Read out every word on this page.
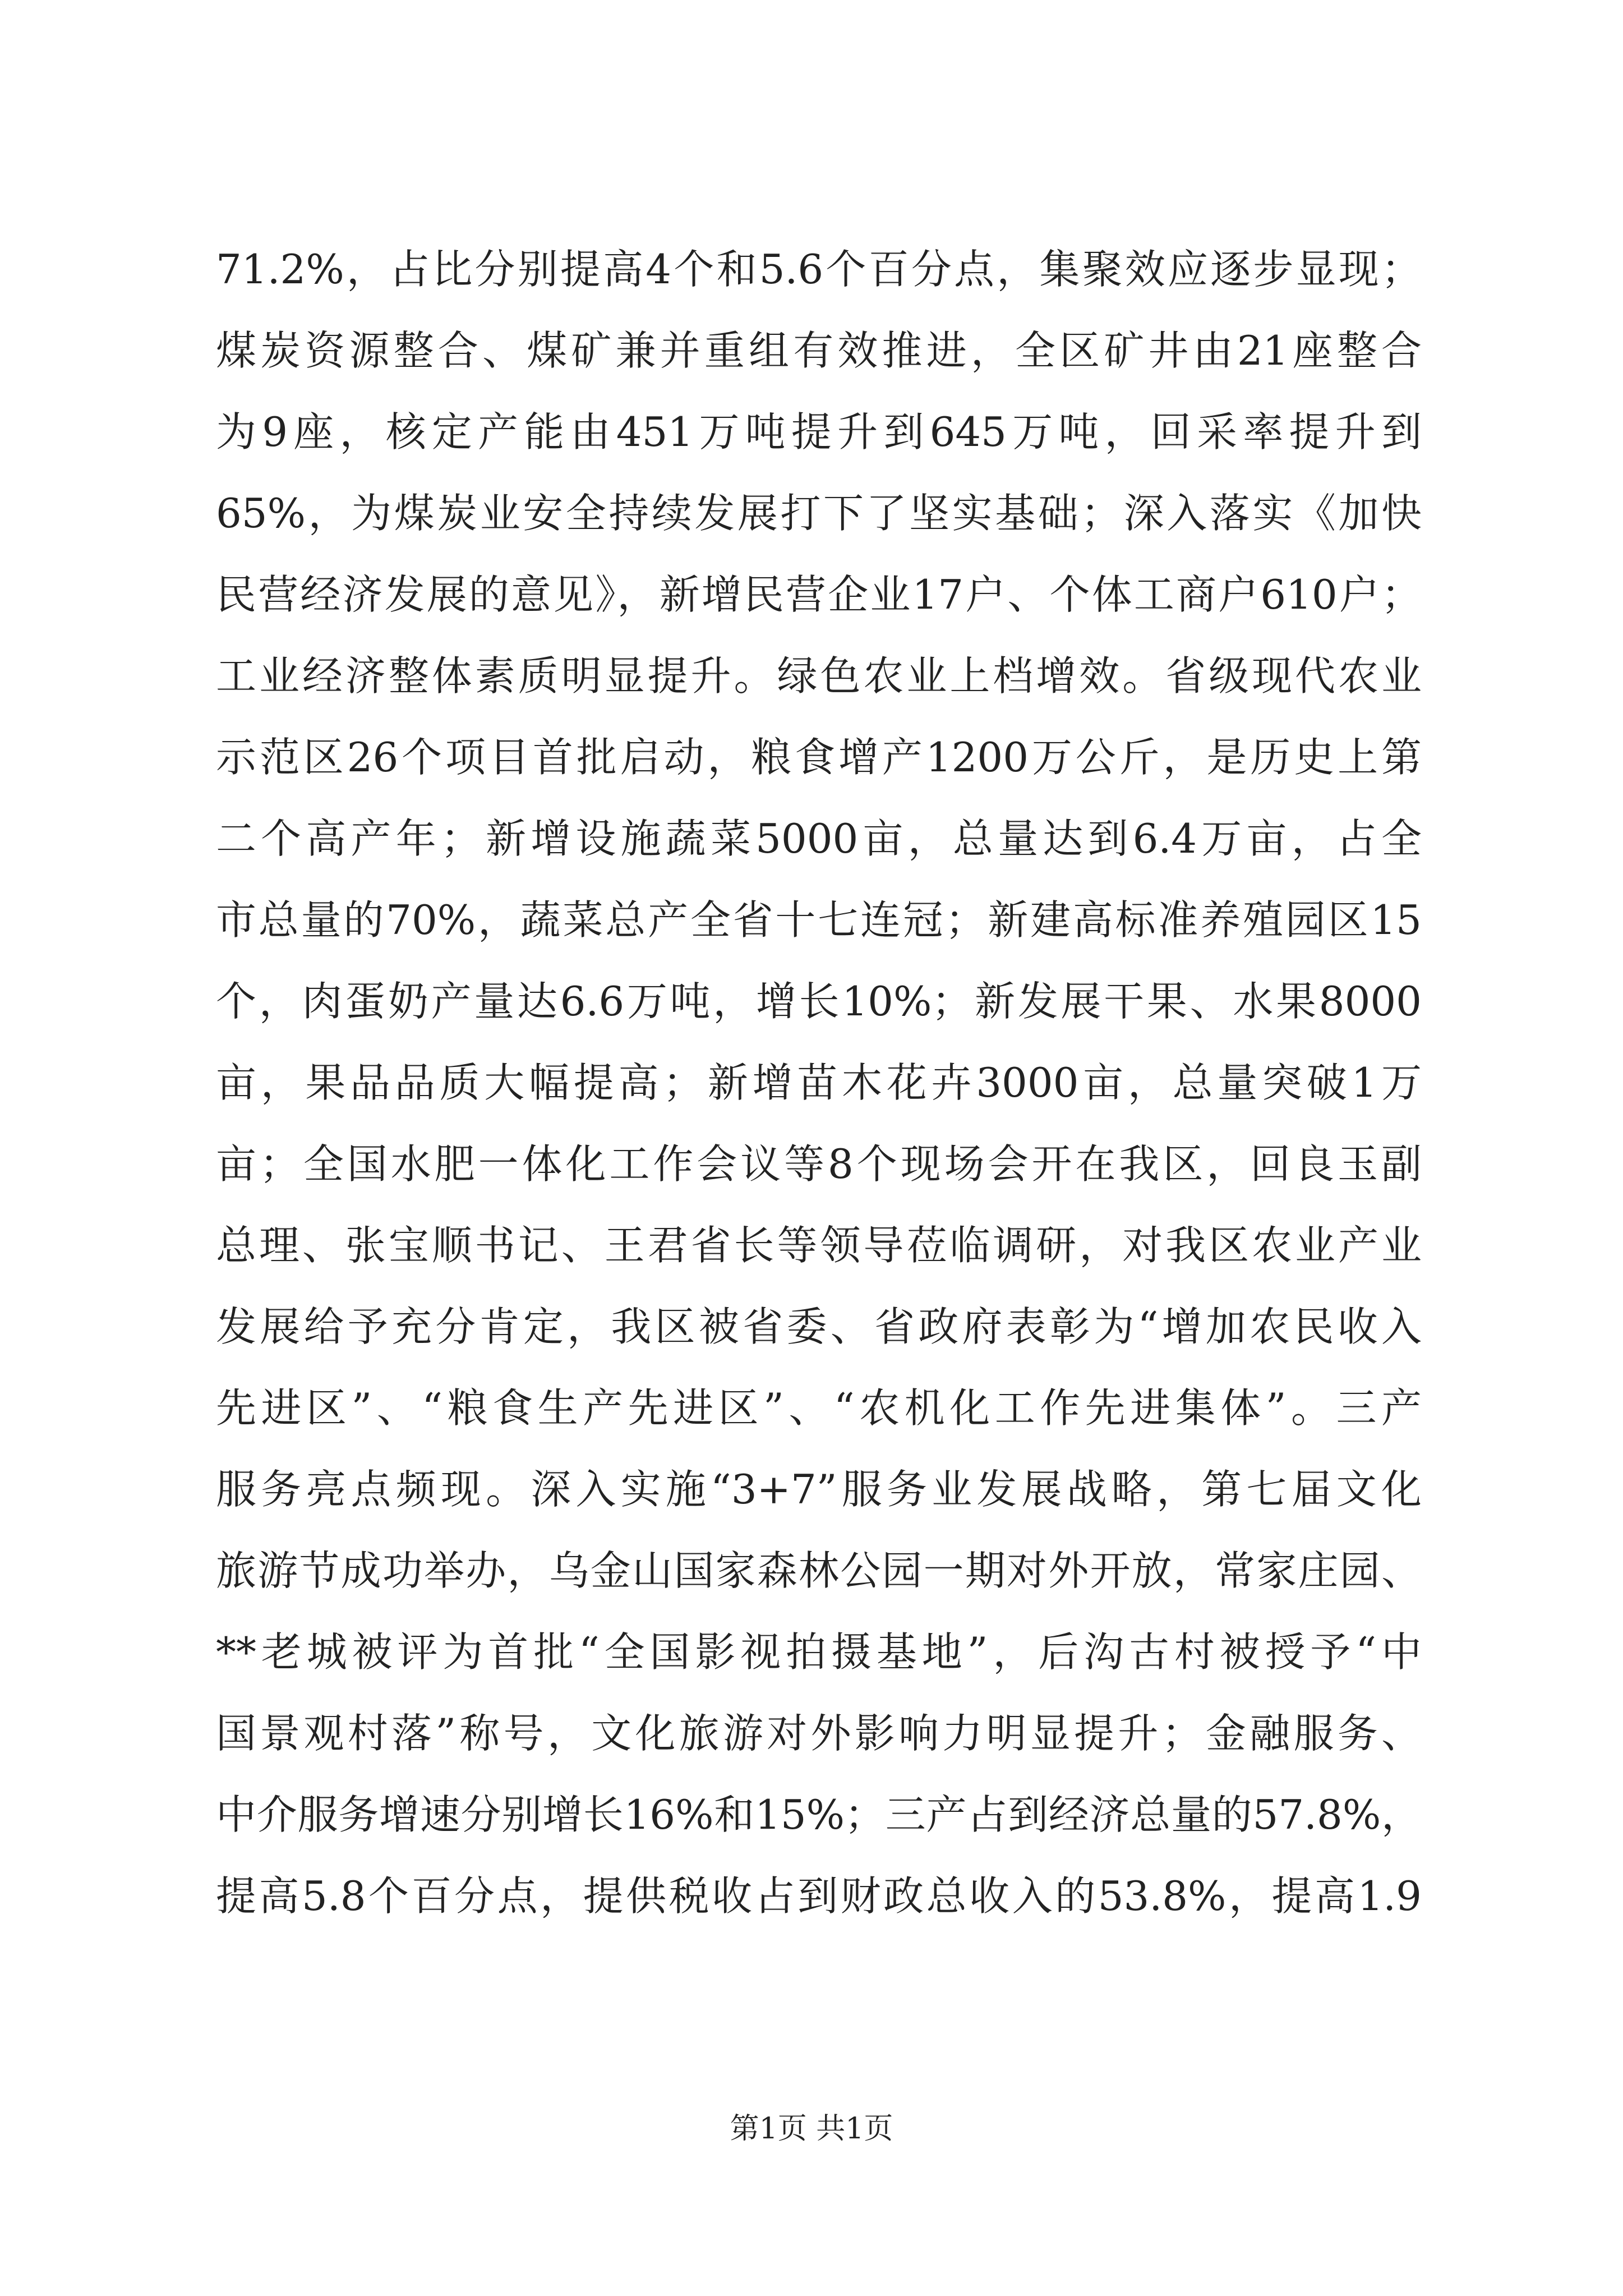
71.2%，占比分别提高4个和5.6个百分点，集聚效应逐步显现；
煤炭资源整合、煤矿兼并重组有效推进，全区矿井由21座整合
为9座，核定产能由451万吨提升到645万吨，回采率提升到
65%，为煤炭业安全持续发展打下了坚实基础；深入落实《加快
民营经济发展的意见》，新增民营企业17户、个体工商户610户；
工业经济整体素质明显提升。绿色农业上档增效。省级现代农业
示范区26个项目首批启动，粮食增产1200万公斤，是历史上第
二个高产年；新增设施蔬菜5000亩，总量达到6.4万亩，占全
市总量的70%，蔬菜总产全省十七连冠；新建高标准养殖园区15
个，肉蛋奶产量达6.6万吨，增长10%；新发展干果、水果8000
亩，果品品质大幅提高；新增苗木花卉3000亩，总量突破1万
亩；全国水肥一体化工作会议等8个现场会开在我区，回良玉副
总理、张宝顺书记、王君省长等领导莅临调研，对我区农业产业
发展给予充分肯定，我区被省委、省政府表彰为“增加农民收入
先进区”、“粮食生产先进区”、“农机化工作先进集体”。三产
服务亮点频现。深入实施“3+7”服务业发展战略，第七届文化
旅游节成功举办，乌金山国家森林公园一期对外开放，常家庄园、
**老城被评为首批“全国影视拍摄基地”，后沟古村被授予“中
国景观村落”称号，文化旅游对外影响力明显提升；金融服务、
中介服务增速分别增长16%和15%；三产占到经济总量的57.8%，
提高5.8个百分点，提供税收占到财政总收入的53.8%，提高1.9
第1页 共1页
